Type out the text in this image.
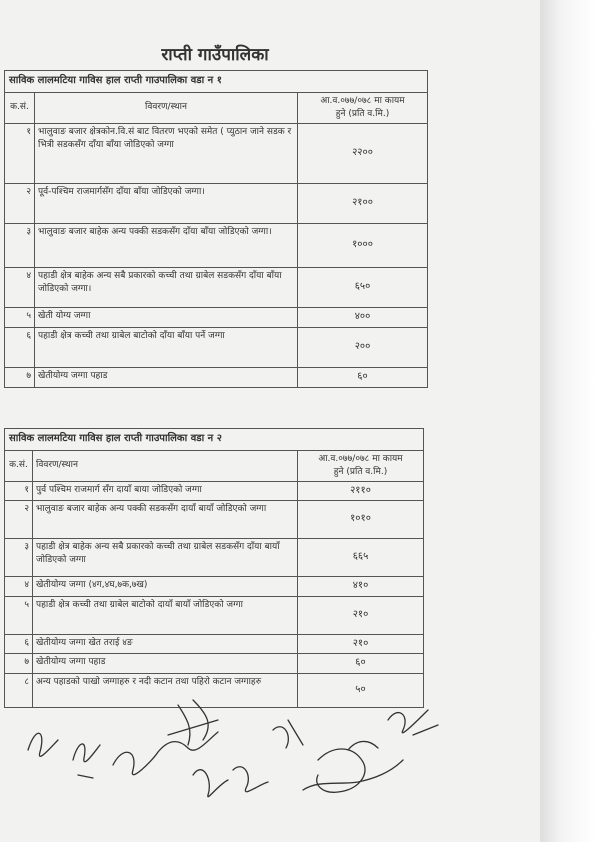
राप्ती गाउँपालिका
साविक लालमटिया गाविस हाल राप्ती गाउपालिका वडा न १		
क.सं.	विवरण/स्थान	आ.व.०७७/०७८ मा कायम
हुने (प्रति व.मि.)

१	भालुवाङ बजार क्षेत्रकोन.वि.सं बाट वितरण भएको समेत ( प्युठान जाने सडक र भित्री सडकसँग दाँया बाँया जोडिएको जग्गा	२२००
२	पूर्व-पश्चिम राजमार्गसँग दाँया बाँया जोडिएको जग्गा।	२१००
३	भालुवाङ बजार बाहेक अन्य पक्की सडकसँग दाँया बाँया जोडिएको जग्गा।	१०००
४	पहाडी क्षेत्र बाहेक अन्य सबै प्रकारको कच्ची तथा ग्राबेल सडकसँग दाँया बाँया जोडिएको जग्गा।	६५०
५	खेती योग्य जग्गा	४००
६	पहाडी क्षेत्र कच्ची तथा ग्राबेल बाटोको दाँया बाँया पर्ने जग्गा	२००
७	खेतीयोग्य जग्गा पहाड	६०
साविक लालमटिया गाविस हाल राप्ती गाउपालिका वडा न २		
क.सं.	विवरण/स्थान	आ.व.०७७/०७८ मा कायम
हुने (प्रति व.मि.)

१	पुर्व पश्चिम राजमार्ग सँग दायाँ बाया जोडिएको जग्गा	२११०
२	भालुवाङ बजार बाहेक अन्य पक्की सडकसँग दायाँ बायाँ जोडिएको जग्गा	१०१०
३	पहाडी क्षेत्र बाहेक अन्य सबै प्रकारको कच्ची तथा ग्राबेल सडकसँग दाँया बायाँ जोडिएको जग्गा	६६५
४	खेतीयोग्य जग्गा (४ग,४घ,७क,७ख)	४१०
५	पहाडी क्षेत्र कच्ची तथा ग्राबेल बाटोको दायाँ बायाँ जोडिएको जग्गा	२१०
६	खेतीयोग्य जग्गा खेत तराई ४ङ	२१०
७	खेतीयोग्य जग्गा पहाड	६०
८	अन्य पहाडको पाखो जग्गाहरु र नदी कटान तथा पहिरो कटान जग्गाहरु	५०
